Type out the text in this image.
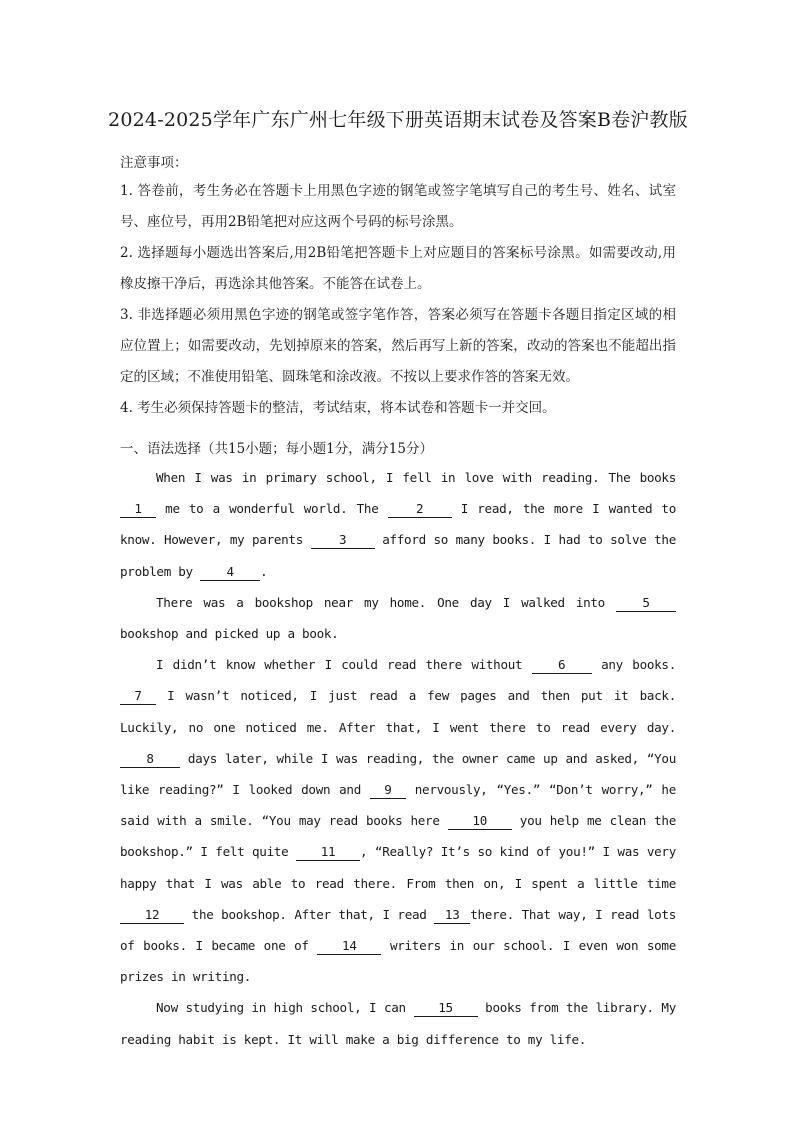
2024-2025学年广东广州七年级下册英语期末试卷及答案B卷沪教版
注意事项：

1. 答卷前，考生务必在答题卡上用黑色字迹的钢笔或签字笔填写自己的考生号、姓名、试室号、座位号，再用2B铅笔把对应这两个号码的标号涂黑。

2. 选择题每小题选出答案后,用2B铅笔把答题卡上对应题目的答案标号涂黑。如需要改动,用橡皮擦干净后，再选涂其他答案。不能答在试卷上。

3. 非选择题必须用黑色字迹的钢笔或签字笔作答，答案必须写在答题卡各题目指定区域的相应位置上；如需要改动，先划掉原来的答案，然后再写上新的答案，改动的答案也不能超出指定的区域；不准使用铅笔、圆珠笔和涂改液。不按以上要求作答的答案无效。

4. 考生必须保持答题卡的整洁，考试结束，将本试卷和答题卡一并交回。

一、语法选择（共15小题；每小题1分，满分15分）

When I was in primary school, I fell in love with reading. The books 1 me to a wonderful world. The 2 I read, the more I wanted to know. However, my parents 3 afford so many books. I had to solve the problem by 4 .

There was a bookshop near my home. One day I walked into 5 bookshop and picked up a book.

I didn’t know whether I could read there without 6 any books. 7 I wasn’t noticed, I just read a few pages and then put it back. Luckily, no one noticed me. After that, I went there to read every day. 8 days later, while I was reading, the owner came up and asked, “You like reading?” I looked down and 9 nervously, “Yes.” “Don’t worry,” he said with a smile. “You may read books here 10 you help me clean the bookshop.” I felt quite 11 , “Really? It’s so kind of you!” I was very happy that I was able to read there. From then on, I spent a little time 12 the bookshop. After that, I read 13 there. That way, I read lots of books. I became one of 14 writers in our school. I even won some prizes in writing.

Now studying in high school, I can 15 books from the library. My reading habit is kept. It will make a big difference to my life.
